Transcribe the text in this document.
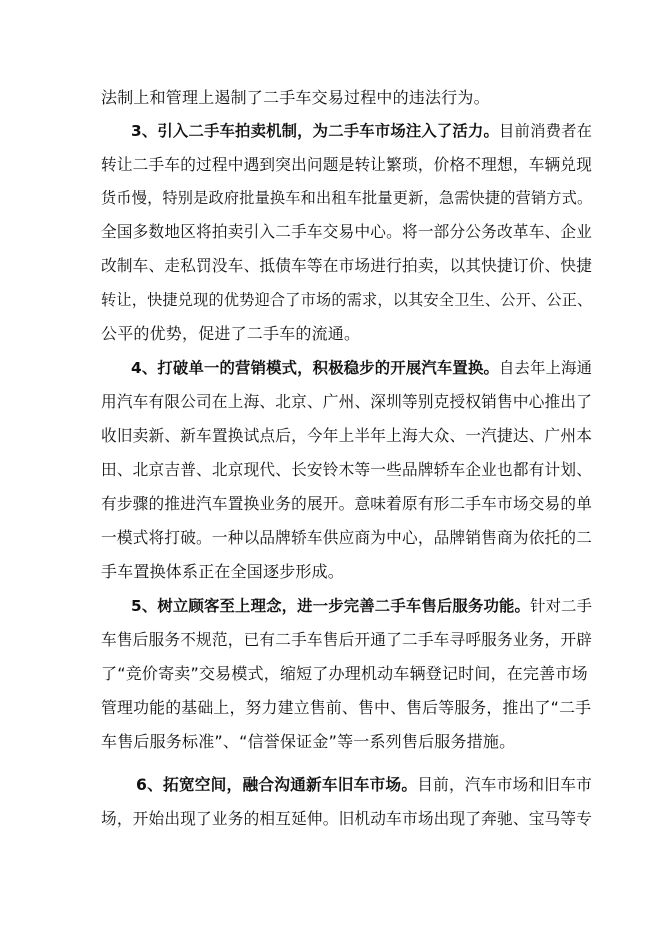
法制上和管理上遏制了二手车交易过程中的违法行为。
3、引入二手车拍卖机制，为二手车市场注入了活力。目前消费者在
转让二手车的过程中遇到突出问题是转让繁琐，价格不理想，车辆兑现
货币慢，特别是政府批量换车和出租车批量更新，急需快捷的营销方式。
全国多数地区将拍卖引入二手车交易中心。将一部分公务改革车、企业
改制车、走私罚没车、抵债车等在市场进行拍卖，以其快捷订价、快捷
转让，快捷兑现的优势迎合了市场的需求，以其安全卫生、公开、公正、
公平的优势，促进了二手车的流通。
4、打破单一的营销模式，积极稳步的开展汽车置换。自去年上海通
用汽车有限公司在上海、北京、广州、深圳等别克授权销售中心推出了
收旧卖新、新车置换试点后，今年上半年上海大众、一汽捷达、广州本
田、北京吉普、北京现代、长安铃木等一些品牌轿车企业也都有计划、
有步骤的推进汽车置换业务的展开。意味着原有形二手车市场交易的单
一模式将打破。一种以品牌轿车供应商为中心，品牌销售商为依托的二
手车置换体系正在全国逐步形成。
5、树立顾客至上理念，进一步完善二手车售后服务功能。针对二手
车售后服务不规范，已有二手车售后开通了二手车寻呼服务业务，开辟
了“竞价寄卖”交易模式，缩短了办理机动车辆登记时间，在完善市场
管理功能的基础上，努力建立售前、售中、售后等服务，推出了“二手
车售后服务标准”、“信誉保证金”等一系列售后服务措施。
6、拓宽空间，融合沟通新车旧车市场。目前，汽车市场和旧车市
场，开始出现了业务的相互延伸。旧机动车市场出现了奔驰、宝马等专
